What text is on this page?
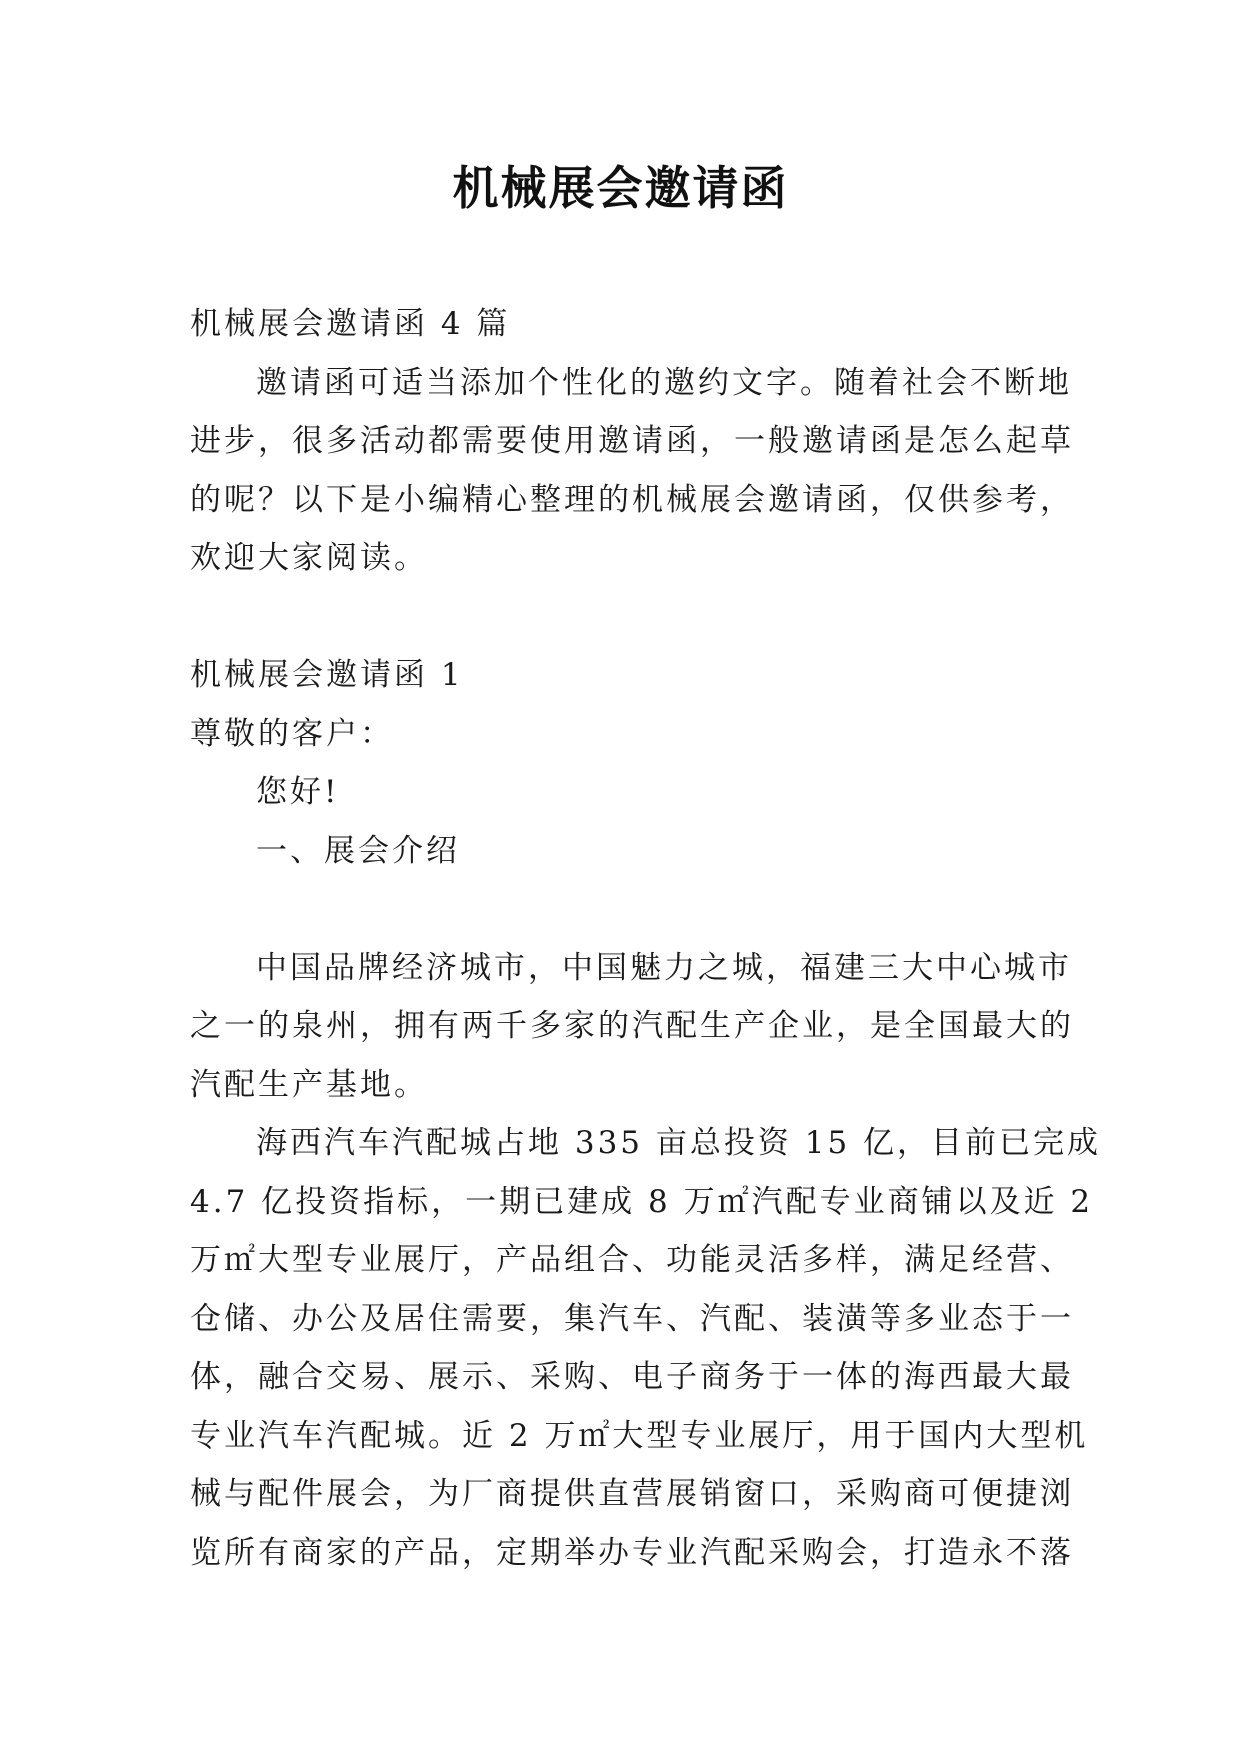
机械展会邀请函
机械展会邀请函 4 篇
邀请函可适当添加个性化的邀约文字。随着社会不断地
进步，很多活动都需要使用邀请函，一般邀请函是怎么起草
的呢？以下是小编精心整理的机械展会邀请函，仅供参考，
欢迎大家阅读。
机械展会邀请函 1
尊敬的客户：
您好!
一、展会介绍
中国品牌经济城市，中国魅力之城，福建三大中心城市
之一的泉州，拥有两千多家的汽配生产企业，是全国最大的
汽配生产基地。
海西汽车汽配城占地 335 亩总投资 15 亿，目前已完成
4.7 亿投资指标，一期已建成 8 万㎡汽配专业商铺以及近 2
万㎡大型专业展厅，产品组合、功能灵活多样，满足经营、
仓储、办公及居住需要，集汽车、汽配、装潢等多业态于一
体，融合交易、展示、采购、电子商务于一体的海西最大最
专业汽车汽配城。近 2 万㎡大型专业展厅，用于国内大型机
械与配件展会，为厂商提供直营展销窗口，采购商可便捷浏
览所有商家的产品，定期举办专业汽配采购会，打造永不落
